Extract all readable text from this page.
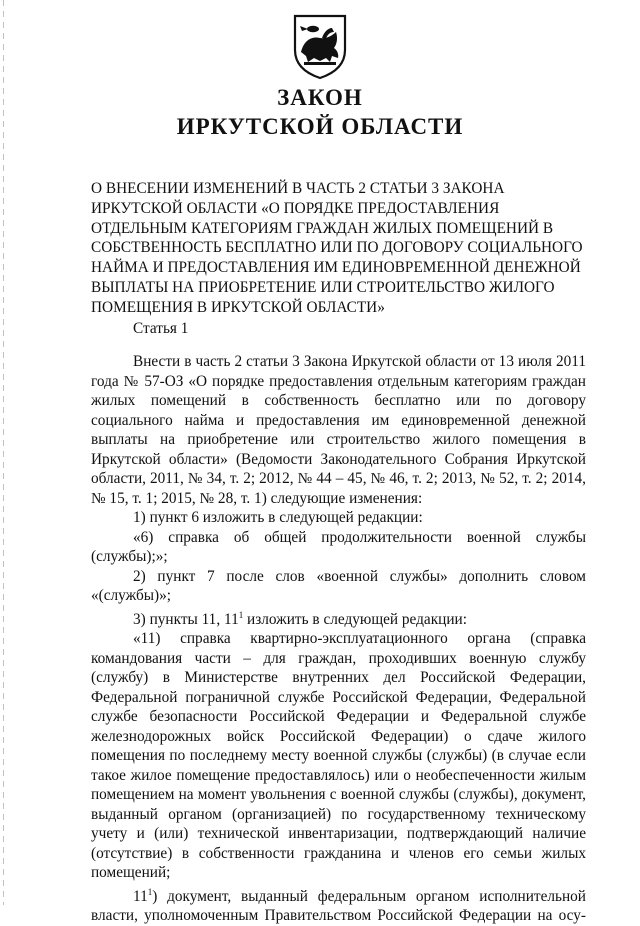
ЗАКОН
ИРКУТСКОЙ ОБЛАСТИ

О ВНЕСЕНИИ ИЗМЕНЕНИЙ В ЧАСТЬ 2 СТАТЬИ 3 ЗАКОНА ИРКУТСКОЙ ОБЛАСТИ «О ПОРЯДКЕ ПРЕДОСТАВЛЕНИЯ ОТДЕЛЬНЫМ КАТЕГОРИЯМ ГРАЖДАН ЖИЛЫХ ПОМЕЩЕНИЙ В СОБСТВЕННОСТЬ БЕСПЛАТНО ИЛИ ПО ДОГОВОРУ СОЦИАЛЬНОГО НАЙМА И ПРЕДОСТАВЛЕНИЯ ИМ ЕДИНОВРЕМЕННОЙ ДЕНЕЖНОЙ ВЫПЛАТЫ НА ПРИОБРЕТЕНИЕ ИЛИ СТРОИТЕЛЬСТВО ЖИЛОГО ПОМЕЩЕНИЯ В ИРКУТСКОЙ ОБЛАСТИ»

Статья 1

Внести в часть 2 статьи 3 Закона Иркутской области от 13 июля 2011 года № 57-ОЗ «О порядке предоставления отдельным категориям граждан жилых помещений в собственность бесплатно или по договору социального найма и предоставления им единовременной денежной выплаты на приобретение или строительство жилого помещения в Иркутской области» (Ведомости Законодательного Собрания Иркутской области, 2011, № 34, т. 2; 2012, № 44 – 45, № 46, т. 2; 2013, № 52, т. 2; 2014, № 15, т. 1; 2015, № 28, т. 1) следующие изменения:

1) пункт 6 изложить в следующей редакции:

«6) справка об общей продолжительности военной службы (службы);»;

2) пункт 7 после слов «военной службы» дополнить словом «(службы)»;

3) пункты 11, $11^1$ изложить в следующей редакции:

«11) справка квартирно-эксплуатационного органа (справка командования части – для граждан, проходивших военную службу (службу) в Министерстве внутренних дел Российской Федерации, Федеральной пограничной службе Российской Федерации, Федеральной службе безопасности Российской Федерации и Федеральной службе железнодорожных войск Российской Федерации) о сдаче жилого помещения по последнему месту военной службы (службы) (в случае если такое жилое помещение предоставлялось) или о необеспеченности жилым помещением на момент увольнения с военной службы (службы), документ, выданный органом (организацией) по государственному техническому учету и (или) технической инвентаризации, подтверждающий наличие (отсутствие) в собственности гражданина и членов его семьи жилых помещений;

$11^1$) документ, выданный федеральным органом исполнительной власти, уполномоченным Правительством Российской Федерации на осу-
